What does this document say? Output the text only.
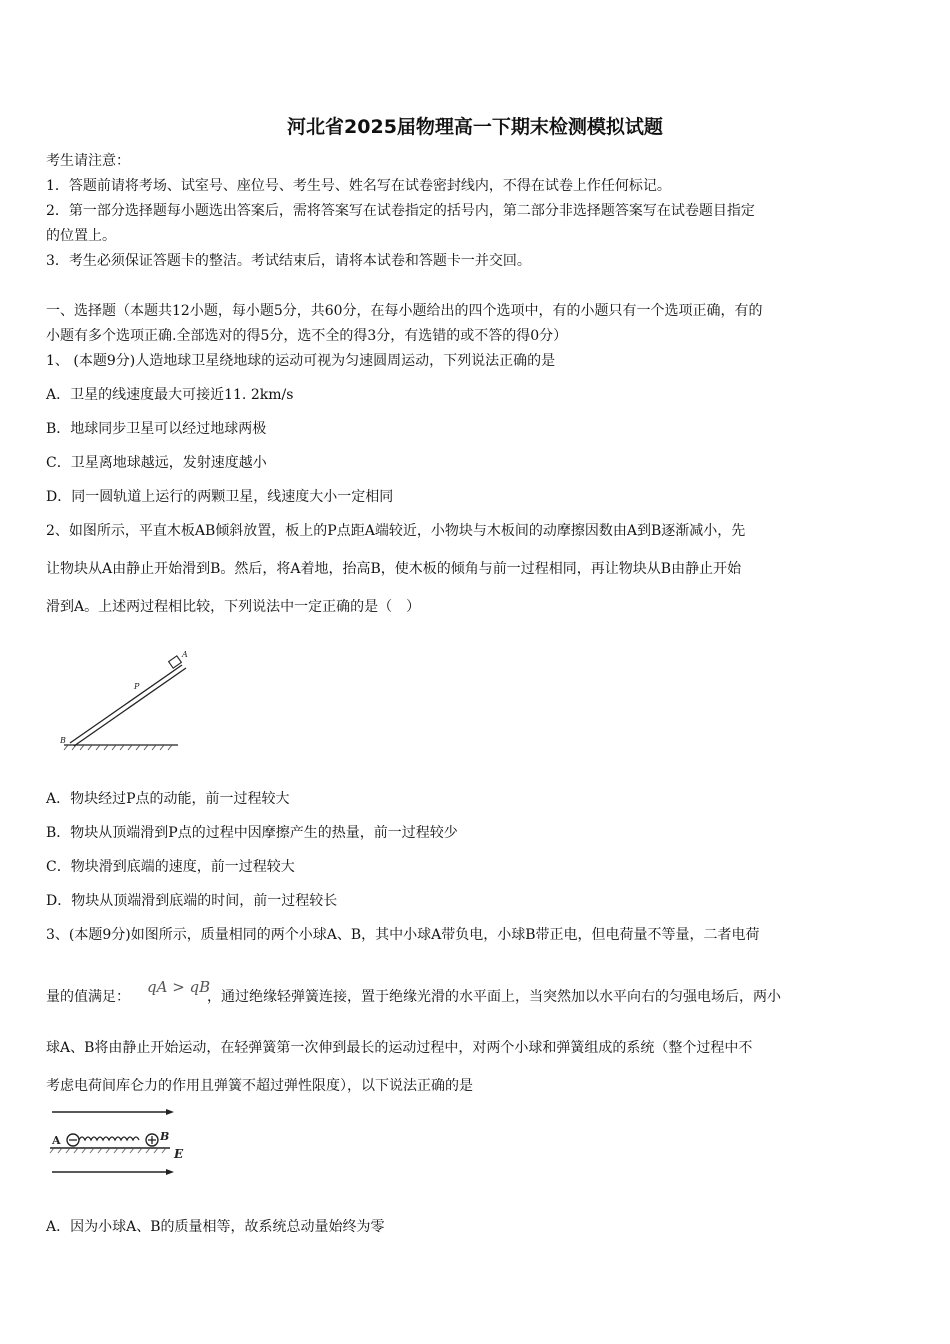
河北省2025届物理高一下期末检测模拟试题
考生请注意：
1．答题前请将考场、试室号、座位号、考生号、姓名写在试卷密封线内，不得在试卷上作任何标记。
2．第一部分选择题每小题选出答案后，需将答案写在试卷指定的括号内，第二部分非选择题答案写在试卷题目指定
的位置上。
3．考生必须保证答题卡的整洁。考试结束后，请将本试卷和答题卡一并交回。
一、选择题（本题共12小题，每小题5分，共60分，在每小题给出的四个选项中，有的小题只有一个选项正确，有的
小题有多个选项正确.全部选对的得5分，选不全的得3分，有选错的或不答的得0分）
1、 (本题9分)人造地球卫星绕地球的运动可视为匀速圆周运动，下列说法正确的是
A．卫星的线速度最大可接近11. 2km/s
B．地球同步卫星可以经过地球两极
C．卫星离地球越远，发射速度越小
D．同一圆轨道上运行的两颗卫星，线速度大小一定相同
2、如图所示，平直木板AB倾斜放置，板上的P点距A端较近，小物块与木板间的动摩擦因数由A到B逐渐减小，先
让物块从A由静止开始滑到B。然后，将A着地，抬高B，使木板的倾角与前一过程相同，再让物块从B由静止开始
滑到A。上述两过程相比较，下列说法中一定正确的是（　）
B
A
P
A．物块经过P点的动能，前一过程较大
B．物块从顶端滑到P点的过程中因摩擦产生的热量，前一过程较少
C．物块滑到底端的速度，前一过程较大
D．物块从顶端滑到底端的时间，前一过程较长
3、(本题9分)如图所示，质量相同的两个小球A、B，其中小球A带负电，小球B带正电，但电荷量不等量，二者电荷
量的值满足：
qA > qB
，通过绝缘轻弹簧连接，置于绝缘光滑的水平面上，当突然加以水平向右的匀强电场后，两小
球A、B将由静止开始运动，在轻弹簧第一次伸到最长的运动过程中，对两个小球和弹簧组成的系统（整个过程中不
考虑电荷间库仑力的作用且弹簧不超过弹性限度），以下说法正确的是
A	B
E
A．因为小球A、B的质量相等，故系统总动量始终为零
